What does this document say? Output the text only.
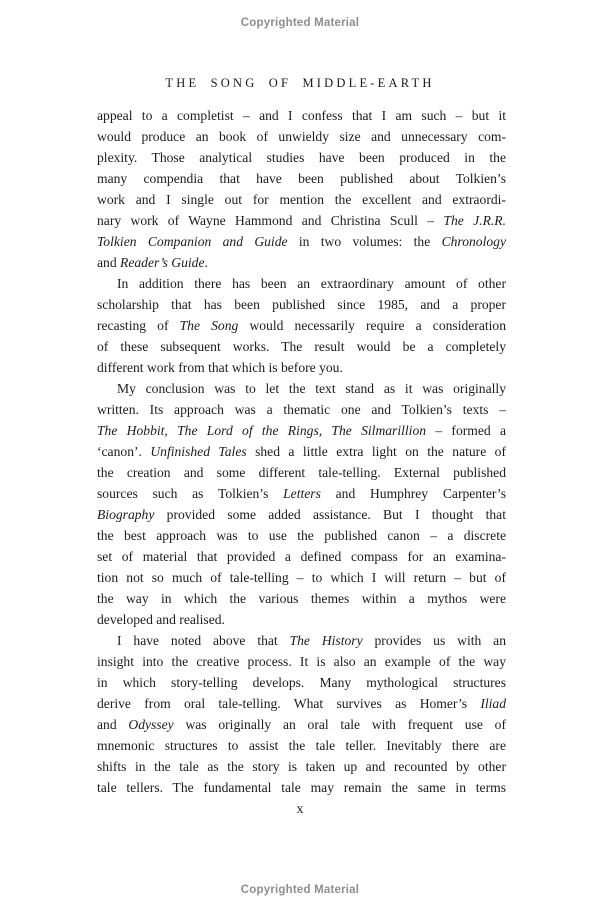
Copyrighted Material
THE SONG OF MIDDLE-EARTH
appeal to a completist – and I confess that I am such – but it
would produce an book of unwieldy size and unnecessary com-
plexity. Those analytical studies have been produced in the
many compendia that have been published about Tolkien’s
work and I single out for mention the excellent and extraordi-
nary work of Wayne Hammond and Christina Scull – The J.R.R.
Tolkien Companion and Guide in two volumes: the Chronology
and Reader’s Guide.
In addition there has been an extraordinary amount of other
scholarship that has been published since 1985, and a proper
recasting of The Song would necessarily require a consideration
of these subsequent works. The result would be a completely
different work from that which is before you.
My conclusion was to let the text stand as it was originally
written. Its approach was a thematic one and Tolkien’s texts –
The Hobbit, The Lord of the Rings, The Silmarillion – formed a
‘canon’. Unfinished Tales shed a little extra light on the nature of
the creation and some different tale-telling. External published
sources such as Tolkien’s Letters and Humphrey Carpenter’s
Biography provided some added assistance. But I thought that
the best approach was to use the published canon – a discrete
set of material that provided a defined compass for an examina-
tion not so much of tale-telling – to which I will return – but of
the way in which the various themes within a mythos were
developed and realised.
I have noted above that The History provides us with an
insight into the creative process. It is also an example of the way
in which story-telling develops. Many mythological structures
derive from oral tale-telling. What survives as Homer’s Iliad
and Odyssey was originally an oral tale with frequent use of
mnemonic structures to assist the tale teller. Inevitably there are
shifts in the tale as the story is taken up and recounted by other
tale tellers. The fundamental tale may remain the same in terms
x
Copyrighted Material
